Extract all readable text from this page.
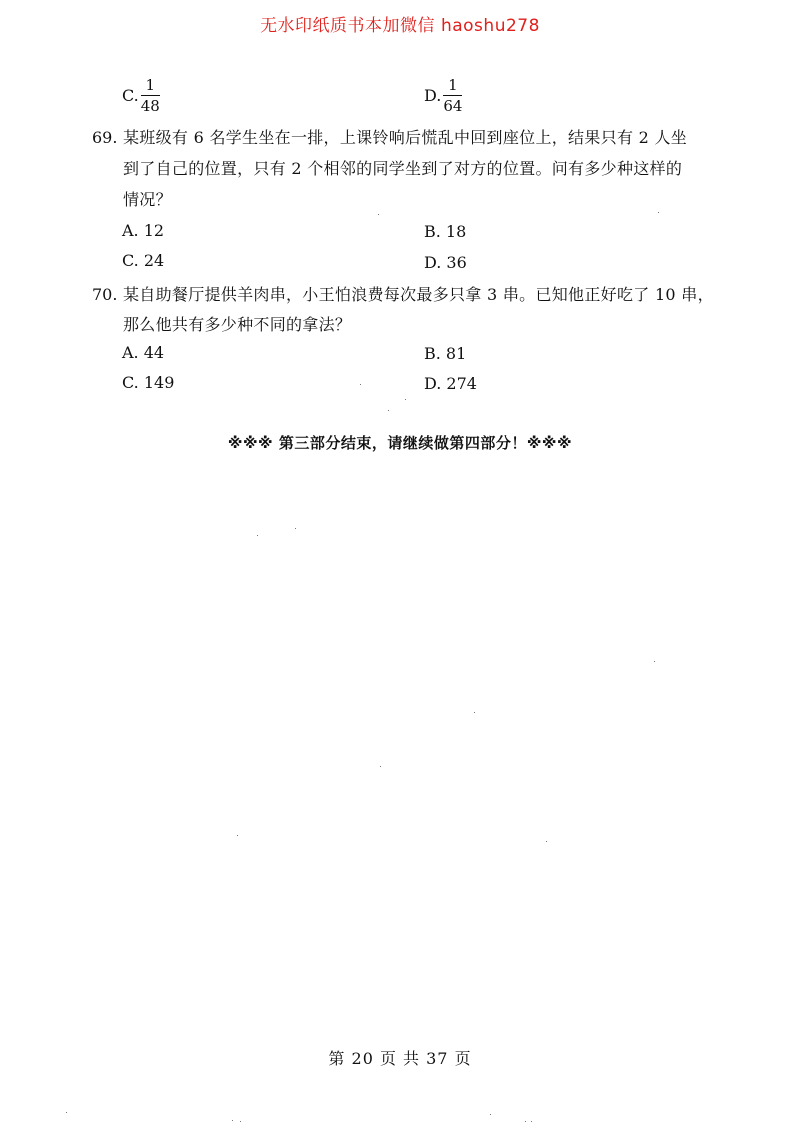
无水印纸质书本加微信 haoshu278
C. $\frac{1}{48}$	D. $\frac{1}{64}$
69. 某班级有 6 名学生坐在一排，上课铃响后慌乱中回到座位上，结果只有 2 人坐
到了自己的位置，只有 2 个相邻的同学坐到了对方的位置。问有多少种这样的
情况？
A. 12	B. 18
C. 24	D. 36
70. 某自助餐厅提供羊肉串，小王怕浪费每次最多只拿 3 串。已知他正好吃了 10 串，
那么他共有多少种不同的拿法？
A. 44	B. 81
C. 149	D. 274
※※※ 第三部分结束，请继续做第四部分！※※※
第 20 页 共 37 页
